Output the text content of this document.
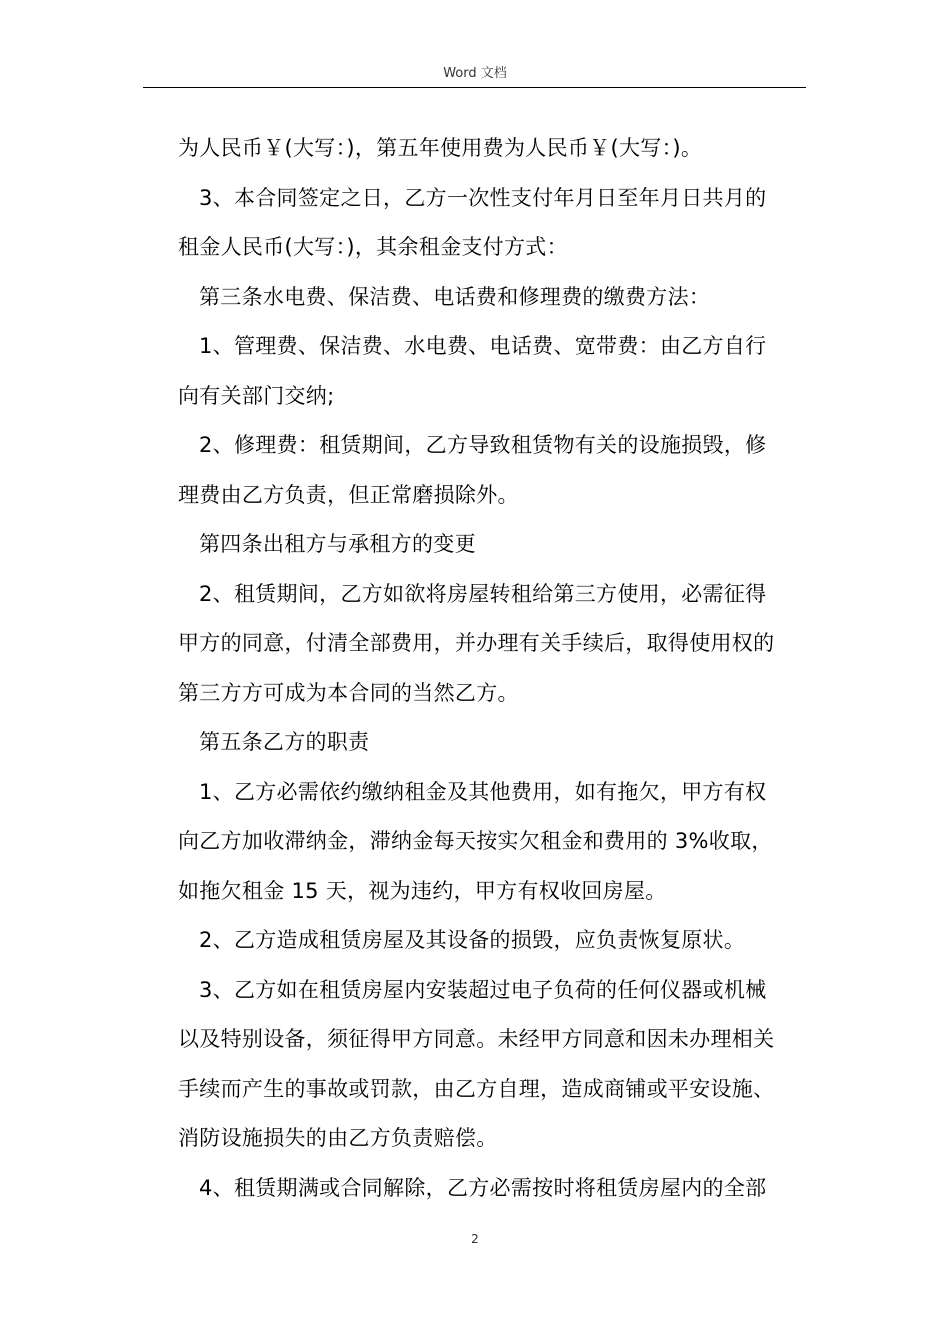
Word 文档
为人民币￥(大写：)，第五年使用费为人民币￥(大写：)。
3、本合同签定之日，乙方一次性支付年月日至年月日共月的
租金人民币(大写：)，其余租金支付方式：
第三条水电费、保洁费、电话费和修理费的缴费方法：
1、管理费、保洁费、水电费、电话费、宽带费：由乙方自行
向有关部门交纳;
2、修理费：租赁期间，乙方导致租赁物有关的设施损毁，修
理费由乙方负责，但正常磨损除外。
第四条出租方与承租方的变更
2、租赁期间，乙方如欲将房屋转租给第三方使用，必需征得
甲方的同意，付清全部费用，并办理有关手续后，取得使用权的
第三方方可成为本合同的当然乙方。
第五条乙方的职责
1、乙方必需依约缴纳租金及其他费用，如有拖欠，甲方有权
向乙方加收滞纳金，滞纳金每天按实欠租金和费用的 3%收取，
如拖欠租金 15 天，视为违约，甲方有权收回房屋。
2、乙方造成租赁房屋及其设备的损毁，应负责恢复原状。
3、乙方如在租赁房屋内安装超过电子负荷的任何仪器或机械
以及特别设备，须征得甲方同意。未经甲方同意和因未办理相关
手续而产生的事故或罚款，由乙方自理，造成商铺或平安设施、
消防设施损失的由乙方负责赔偿。
4、租赁期满或合同解除，乙方必需按时将租赁房屋内的全部
2
